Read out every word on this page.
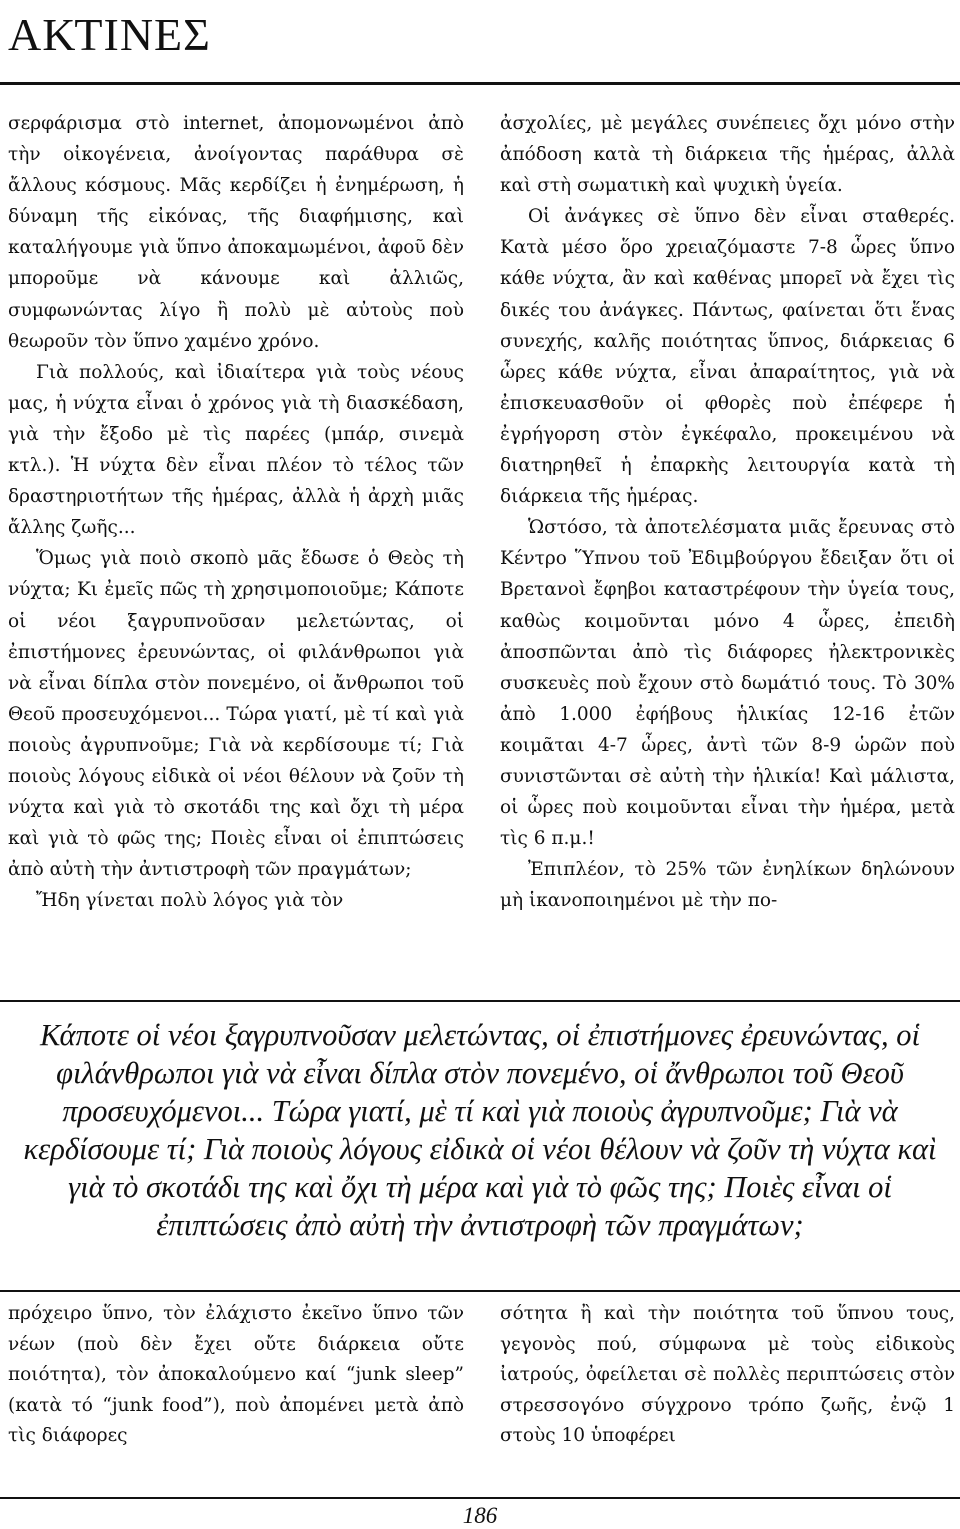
ΑΚΤΙΝΕΣ

σερφάρισμα στὸ internet, ἀπομονωμένοι ἀπὸ τὴν οἰκογένεια, ἀνοίγοντας παράθυρα σὲ ἄλλους κόσμους. Μᾶς κερδίζει ἡ ἐνημέρωση, ἡ δύναμη τῆς εἰκόνας, τῆς διαφήμισης, καὶ καταλήγουμε γιὰ ὕπνο ἀποκαμωμένοι, ἀφοῦ δὲν μποροῦμε νὰ κάνουμε καὶ ἀλλιῶς, συμφωνώντας λίγο ἢ πολὺ μὲ αὐτοὺς ποὺ θεωροῦν τὸν ὕπνο χαμένο χρόνο.

Γιὰ πολλούς, καὶ ἰδιαίτερα γιὰ τοὺς νέους μας, ἡ νύχτα εἶναι ὁ χρόνος γιὰ τὴ διασκέδαση, γιὰ τὴν ἔξοδο μὲ τὶς παρέες (μπάρ, σινεμὰ κτλ.). Ἡ νύχτα δὲν εἶναι πλέον τὸ τέλος τῶν δραστηριοτήτων τῆς ἡμέρας, ἀλλὰ ἡ ἀρχὴ μιᾶς ἄλλης ζωῆς...

Ὅμως γιὰ ποιὸ σκοπὸ μᾶς ἔδωσε ὁ Θεὸς τὴ νύχτα; Κι ἐμεῖς πῶς τὴ χρησιμοποιοῦμε; Κάποτε οἱ νέοι ξαγρυπνοῦσαν μελετώντας, οἱ ἐπιστήμονες ἐρευνώντας, οἱ φιλάνθρωποι γιὰ νὰ εἶναι δίπλα στὸν πονεμένο, οἱ ἄνθρωποι τοῦ Θεοῦ προσευχόμενοι... Τώρα γιατί, μὲ τί καὶ γιὰ ποιοὺς ἀγρυπνοῦμε; Γιὰ νὰ κερδίσουμε τί; Γιὰ ποιοὺς λόγους εἰδικὰ οἱ νέοι θέλουν νὰ ζοῦν τὴ νύχτα καὶ γιὰ τὸ σκοτάδι της καὶ ὄχι τὴ μέρα καὶ γιὰ τὸ φῶς της; Ποιὲς εἶναι οἱ ἐπιπτώσεις ἀπὸ αὐτὴ τὴν ἀντιστροφὴ τῶν πραγμάτων;

Ἤδη γίνεται πολὺ λόγος γιὰ τὸν

ἀσχολίες, μὲ μεγάλες συνέπειες ὄχι μόνο στὴν ἀπόδοση κατὰ τὴ διάρκεια τῆς ἡμέρας, ἀλλὰ καὶ στὴ σωματικὴ καὶ ψυχικὴ ὑγεία.

Οἱ ἀνάγκες σὲ ὕπνο δὲν εἶναι σταθερές. Κατὰ μέσο ὅρο χρειαζόμαστε 7-8 ὧρες ὕπνο κάθε νύχτα, ἂν καὶ καθένας μπορεῖ νὰ ἔχει τὶς δικές του ἀνάγκες. Πάντως, φαίνεται ὅτι ἕνας συνεχής, καλῆς ποιότητας ὕπνος, διάρκειας 6 ὧρες κάθε νύχτα, εἶναι ἀπαραίτητος, γιὰ νὰ ἐπισκευασθοῦν οἱ φθορὲς ποὺ ἐπέφερε ἡ ἐγρήγορση στὸν ἐγκέφαλο, προκειμένου νὰ διατηρηθεῖ ἡ ἐπαρκὴς λειτουργία κατὰ τὴ διάρκεια τῆς ἡμέρας.

Ὡστόσο, τὰ ἀποτελέσματα μιᾶς ἔρευνας στὸ Κέντρο Ὕπνου τοῦ Ἐδιμβούργου ἔδειξαν ὅτι οἱ Βρετανοὶ ἔφηβοι καταστρέφουν τὴν ὑγεία τους, καθὼς κοιμοῦνται μόνο 4 ὧρες, ἐπειδὴ ἀποσπῶνται ἀπὸ τὶς διάφορες ἠλεκτρονικὲς συσκευὲς ποὺ ἔχουν στὸ δωμάτιό τους. Τὸ 30% ἀπὸ 1.000 ἐφήβους ἡλικίας 12-16 ἐτῶν κοιμᾶται 4-7 ὧρες, ἀντὶ τῶν 8-9 ὡρῶν ποὺ συνιστῶνται σὲ αὐτὴ τὴν ἡλικία! Καὶ μάλιστα, οἱ ὧρες ποὺ κοιμοῦνται εἶναι τὴν ἡμέρα, μετὰ τὶς 6 π.μ.!

Ἐπιπλέον, τὸ 25% τῶν ἐνηλίκων δηλώνουν μὴ ἱκανοποιημένοι μὲ τὴν πο-

Κάποτε οἱ νέοι ξαγρυπνοῦσαν μελετώντας, οἱ ἐπιστήμονες ἐρευνώντας, οἱ φιλάνθρωποι γιὰ νὰ εἶναι δίπλα στὸν πονεμένο, οἱ ἄνθρωποι τοῦ Θεοῦ προσευχόμενοι... Τώρα γιατί, μὲ τί καὶ γιὰ ποιοὺς ἀγρυπνοῦμε; Γιὰ νὰ κερδίσουμε τί; Γιὰ ποιοὺς λόγους εἰδικὰ οἱ νέοι θέλουν νὰ ζοῦν τὴ νύχτα καὶ γιὰ τὸ σκοτάδι της καὶ ὄχι τὴ μέρα καὶ γιὰ τὸ φῶς της; Ποιὲς εἶναι οἱ ἐπιπτώσεις ἀπὸ αὐτὴ τὴν ἀντιστροφὴ τῶν πραγμάτων;

πρόχειρο ὕπνο, τὸν ἐλάχιστο ἐκεῖνο ὕπνο τῶν νέων (ποὺ δὲν ἔχει οὔτε διάρκεια οὔτε ποιότητα), τὸν ἀποκαλούμενο καί “junk sleep” (κατὰ τό “junk food”), ποὺ ἀπομένει μετὰ ἀπὸ τὶς διάφορες

σότητα ἢ καὶ τὴν ποιότητα τοῦ ὕπνου τους, γεγονὸς πού, σύμφωνα μὲ τοὺς εἰδικοὺς ἰατρούς, ὀφείλεται σὲ πολλὲς περιπτώσεις στὸν στρεσσογόνο σύγχρονο τρόπο ζωῆς, ἐνῷ 1 στοὺς 10 ὑποφέρει

186
